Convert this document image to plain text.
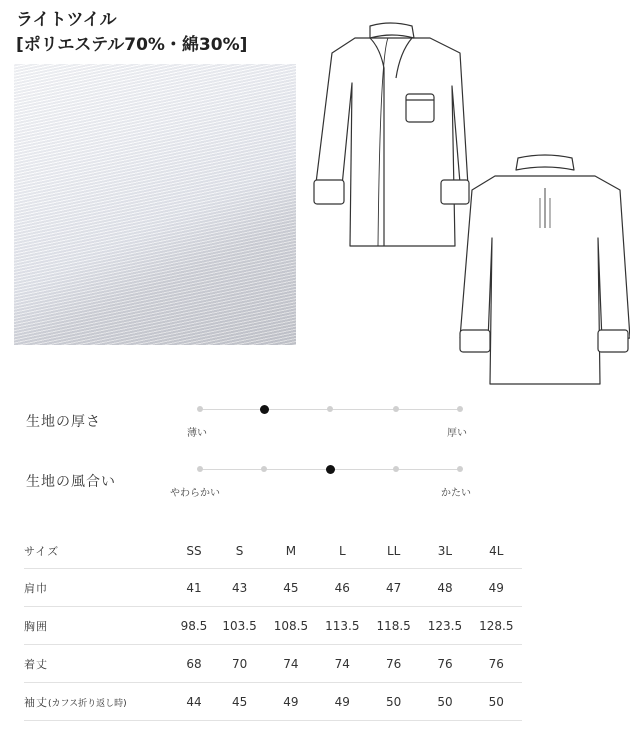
ライトツイル
[ポリエステル70%・綿30%]
生地の厚さ
薄い	厚い
生地の風合い
やわらかい	かたい
サイズ	SS	S	M	L	LL	3L	4L
肩巾	41	43	45	46	47	48	49
胸囲	98.5	103.5	108.5	113.5	118.5	123.5	128.5
着丈	68	70	74	74	76	76	76
袖丈(カフス折り返し時)	44	45	49	49	50	50	50
